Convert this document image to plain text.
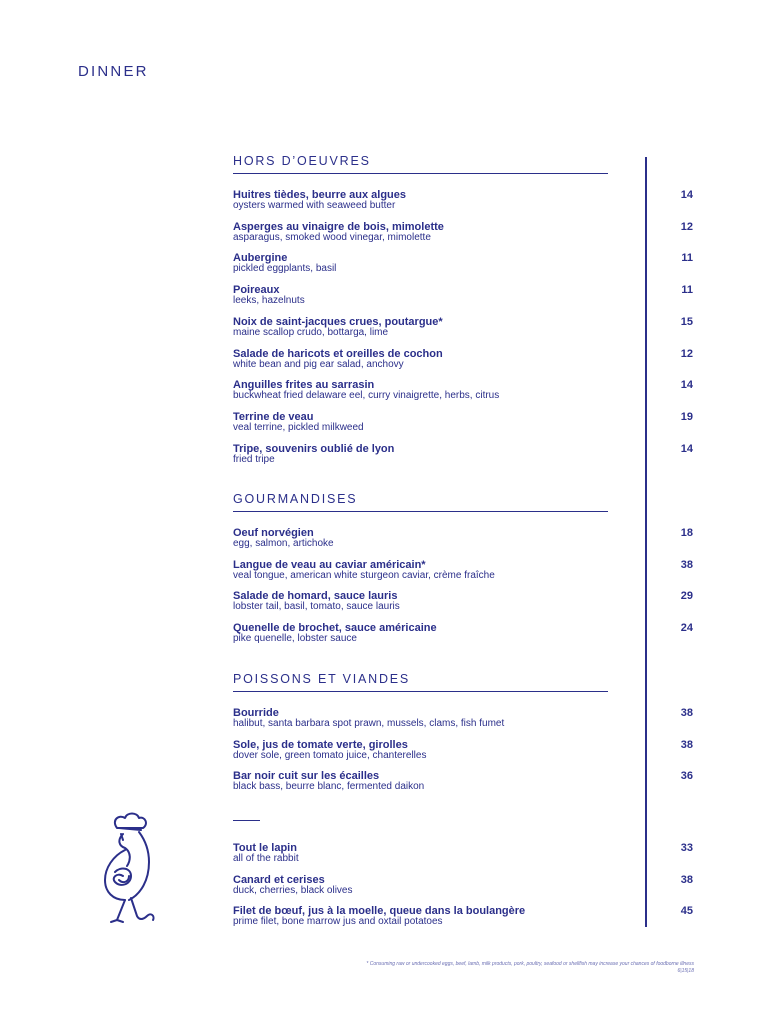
DINNER
HORS D’OEUVRES
Huitres tièdes, beurre aux algues
oysters warmed with seaweed butter
14
Asperges au vinaigre de bois, mimolette
asparagus, smoked wood vinegar, mimolette
12
Aubergine
pickled eggplants, basil
11
Poireaux
leeks, hazelnuts
11
Noix de saint-jacques crues, poutargue*
maine scallop crudo, bottarga, lime
15
Salade de haricots et oreilles de cochon
white bean and pig ear salad, anchovy
12
Anguilles frites au sarrasin
buckwheat fried delaware eel, curry vinaigrette, herbs, citrus
14
Terrine de veau
veal terrine, pickled milkweed
19
Tripe, souvenirs oublié de lyon
fried tripe
14
GOURMANDISES
Oeuf norvégien
egg, salmon, artichoke
18
Langue de veau au caviar américain*
veal tongue, american white sturgeon caviar, crème fraîche
38
Salade de homard, sauce lauris
lobster tail, basil, tomato, sauce lauris
29
Quenelle de brochet, sauce américaine
pike quenelle, lobster sauce
24
POISSONS ET VIANDES
Bourride
halibut, santa barbara spot prawn, mussels, clams, fish fumet
38
Sole, jus de tomate verte, girolles
dover sole, green tomato juice, chanterelles
38
Bar noir cuit sur les écailles
black bass, beurre blanc, fermented daikon
36
Tout le lapin
all of the rabbit
33
Canard et cerises
duck, cherries, black olives
38
Filet de bœuf, jus à la moelle, queue dans la boulangère
prime filet, bone marrow jus and oxtail potatoes
45
* Consuming raw or undercooked eggs, beef, lamb, milk products, pork, poultry, seafood or shellfish may increase your chances of foodborne illness
6|15|18
